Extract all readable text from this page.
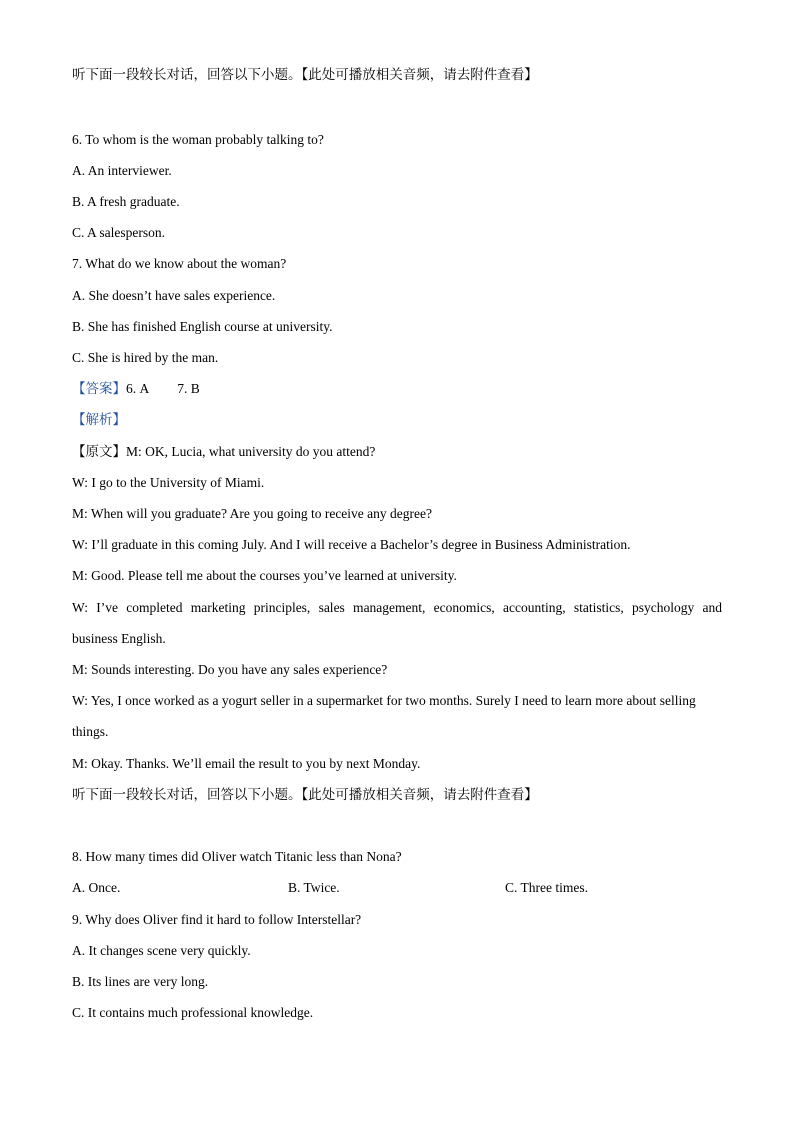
听下面一段较长对话，回答以下小题。【此处可播放相关音频，请去附件查看】
6. To whom is the woman probably talking to?
A. An interviewer.
B. A fresh graduate.
C. A salesperson.
7. What do we know about the woman?
A. She doesn’t have sales experience.
B. She has finished English course at university.
C. She is hired by the man.
【答案】6. A 7. B
【解析】
【原文】M: OK, Lucia, what university do you attend?
W: I go to the University of Miami.
M: When will you graduate? Are you going to receive any degree?
W: I’ll graduate in this coming July. And I will receive a Bachelor’s degree in Business Administration.
M: Good. Please tell me about the courses you’ve learned at university.
W: I’ve completed marketing principles, sales management, economics, accounting, statistics, psychology and
business English.
M: Sounds interesting. Do you have any sales experience?
W: Yes, I once worked as a yogurt seller in a supermarket for two months. Surely I need to learn more about selling
things.
M: Okay. Thanks. We’ll email the result to you by next Monday.
听下面一段较长对话，回答以下小题。【此处可播放相关音频，请去附件查看】
8. How many times did Oliver watch Titanic less than Nona?
A. Once.	B. Twice.	C. Three times.
9. Why does Oliver find it hard to follow Interstellar?
A. It changes scene very quickly.
B. Its lines are very long.
C. It contains much professional knowledge.
